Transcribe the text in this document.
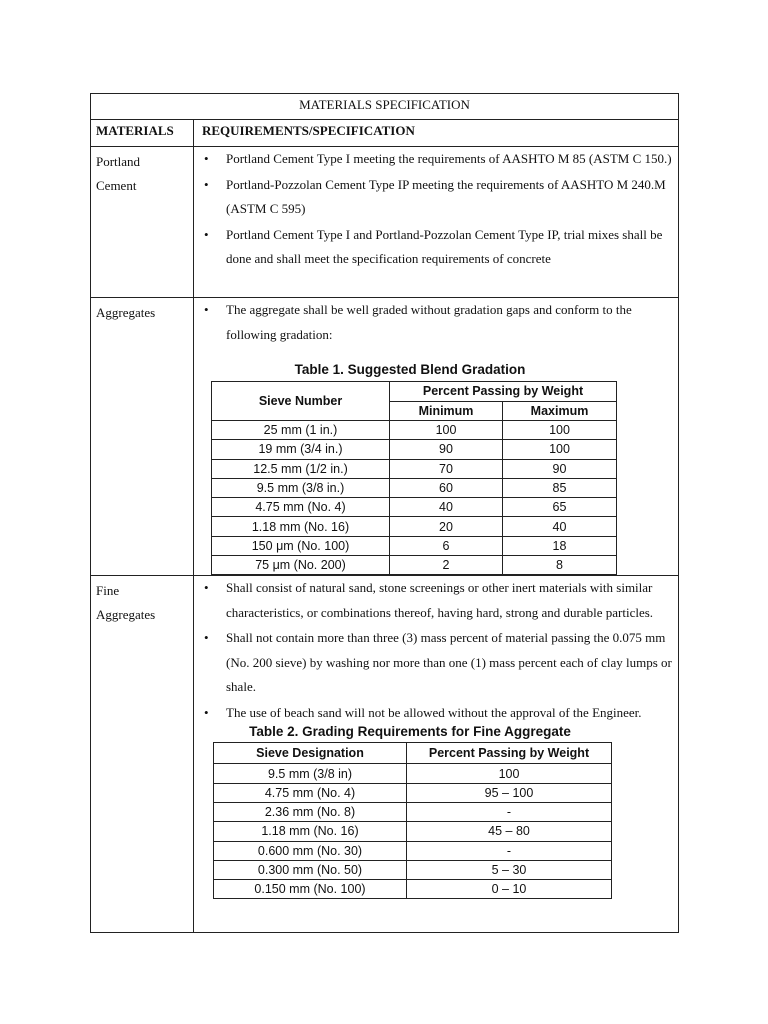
MATERIALS SPECIFICATION
MATERIALS	REQUIREMENTS/SPECIFICATION

Portland
Cement

• Portland Cement Type I meeting the requirements of AASHTO M 85 (ASTM C 150.)
• Portland-Pozzolan Cement Type IP meeting the requirements of AASHTO M 240.M (ASTM C 595)
• Portland Cement Type I and Portland-Pozzolan Cement Type IP, trial mixes shall be done and shall meet the specification requirements of concrete

Aggregates

•The aggregate shall be well graded without gradation gaps and conform to the following gradation:
Table 1. Suggested Blend Gradation
Sieve Number	Percent Passing by Weight
Minimum	Maximum
25 mm (1 in.)	100	100
19 mm (3/4 in.)	90	100
12.5 mm (1/2 in.)	70	90
9.5 mm (3/8 in.)	60	85
4.75 mm (No. 4)	40	65
1.18 mm (No. 16)	20	40
150 μm (No. 100)	6	18
75 μm (No. 200)	2	8

Fine
Aggregates

• Shall consist of natural sand, stone screenings or other inert materials with similar characteristics, or combinations thereof, having hard, strong and durable particles.
• Shall not contain more than three (3) mass percent of material passing the 0.075 mm (No. 200 sieve) by washing nor more than one (1) mass percent each of clay lumps or shale.
• The use of beach sand will not be allowed without the approval of the Engineer.
Table 2. Grading Requirements for Fine Aggregate
Sieve Designation	Percent Passing by Weight
9.5 mm (3/8 in)	100
4.75 mm (No. 4)	95 – 100
2.36 mm (No. 8)	-
1.18 mm (No. 16)	45 – 80
0.600 mm (No. 30)	-
0.300 mm (No. 50)	5 – 30
0.150 mm (No. 100)	0 – 10
